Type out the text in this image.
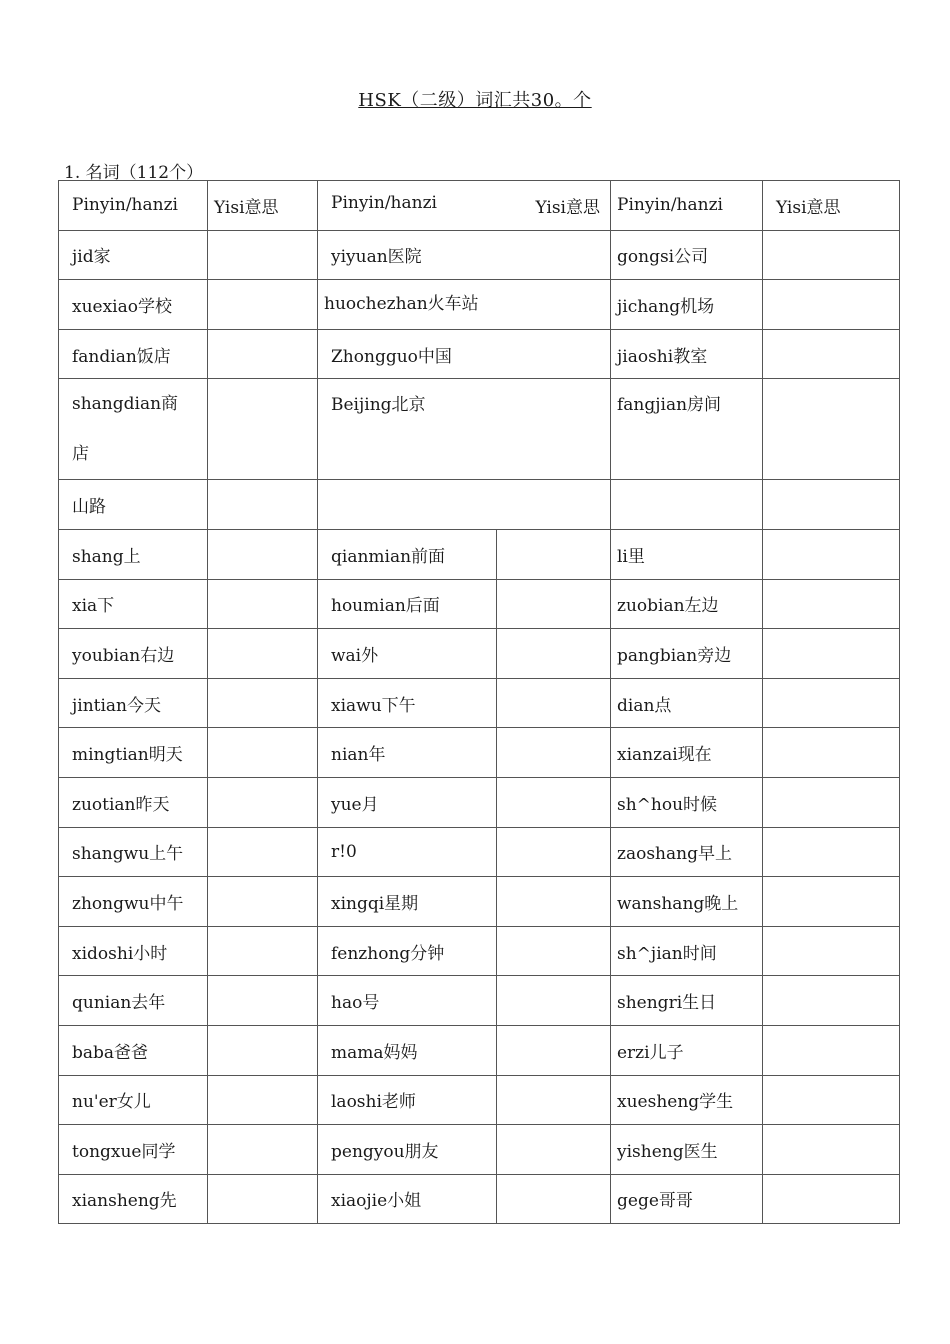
HSK（二级）词汇共30。个
1. 名词（112个）
Pinyin/hanzi	Yisi意思	Pinyin/hanzi Yisi意思		Pinyin/hanzi	Yisi意思
jid家		yiyuan医院		gongsi公司	
xuexiao学校		huochezhan火车站		jichang机场	
fandian饭店		Zhongguo中国		jiaoshi教室	

shangdian商店		Beijing北京		fangjian房间	
山路					
shang上		qianmian前面		li里	
xia下		houmian后面		zuobian左边	
youbian右边		wai外		pangbian旁边	
jintian今天		xiawu下午		dian点	
mingtian明天		nian年		xianzai现在	
zuotian昨天		yue月		sh^hou时候	
shangwu上午		r!0		zaoshang早上	
zhongwu中午		xingqi星期		wanshang晚上	
xidoshi小时		fenzhong分钟		sh^jian时间	
qunian去年		hao号		shengri生日	
baba爸爸		mama妈妈		erzi儿子	
nu'er女儿		laoshi老师		xuesheng学生	
tongxue同学		pengyou朋友		yisheng医生	
xiansheng先		xiaojie小姐		gege哥哥	
